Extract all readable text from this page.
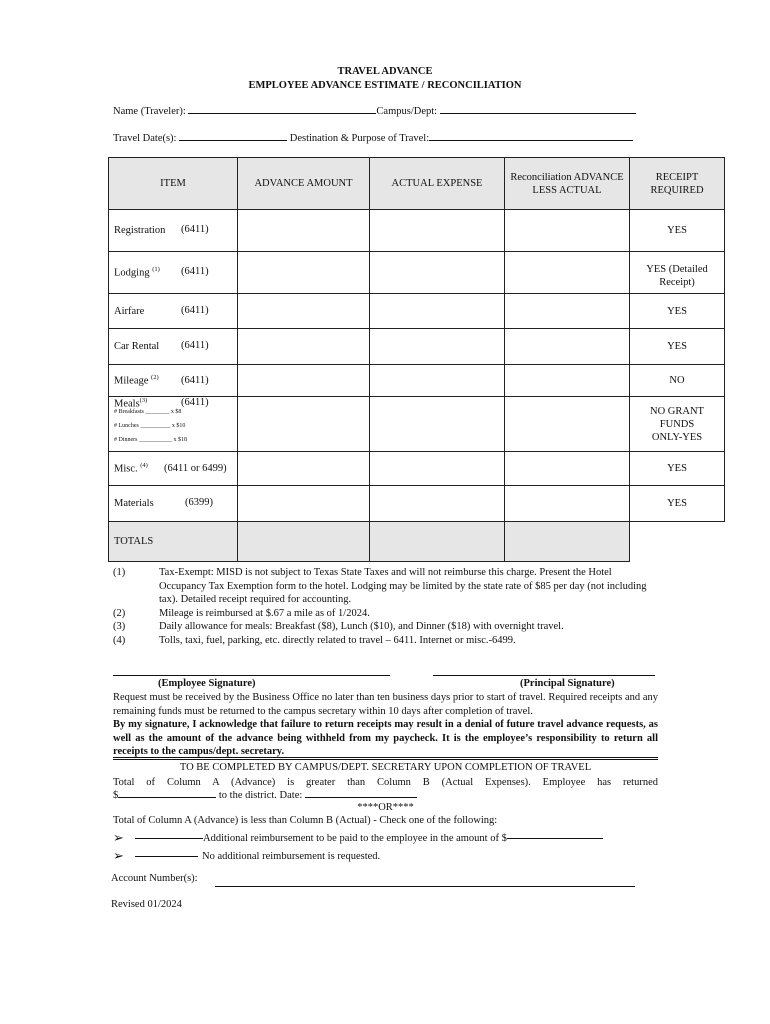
TRAVEL ADVANCE
EMPLOYEE ADVANCE ESTIMATE / RECONCILIATION
Name (Traveler):	Campus/Dept:
Travel Date(s):	Destination & Purpose of Travel:
ITEM	ADVANCE AMOUNT	ACTUAL EXPENSE	Reconciliation ADVANCE LESS ACTUAL	RECEIPT REQUIRED
Registration (6411)				YES
Lodging $^{(1)}$ (6411)				YES (Detailed Receipt)
Airfare (6411)				YES
Car Rental (6411)				YES
Mileage $^{(2)}$ (6411)				NO

Meals$^{(3)}$ (6411)
# Breakfasts ________ x $8
# Lunches __________ x $10
# Dinners ___________ x $18				NO GRANT FUNDS ONLY-YES
Misc. $^{(4)}$ (6411 or 6499)				YES
Materials (6399)				YES
TOTALS				
(1)	Tax-Exempt: MISD is not subject to Texas State Taxes and will not reimburse this charge. Present the Hotel Occupancy Tax Exemption form to the hotel. Lodging may be limited by the state rate of $85 per day (not including tax). Detailed receipt required for accounting.
(2)	Mileage is reimbursed at $.67 a mile as of 1/2024.
(3)	Daily allowance for meals: Breakfast ($8), Lunch ($10), and Dinner ($18) with overnight travel.
(4)	Tolls, taxi, fuel, parking, etc. directly related to travel – 6411. Internet or misc.-6499.
(Employee Signature)	(Principal Signature)
Request must be received by the Business Office no later than ten business days prior to start of travel. Required receipts and any remaining funds must be returned to the campus secretary within 10 days after completion of travel.
By my signature, I acknowledge that failure to return receipts may result in a denial of future travel advance requests, as well as the amount of the advance being withheld from my paycheck. It is the employee’s responsibility to return all receipts to the campus/dept. secretary.
TO BE COMPLETED BY CAMPUS/DEPT. SECRETARY UPON COMPLETION OF TRAVEL
Total of Column A (Advance) is greater than Column B (Actual Expenses). Employee has returned
$	to the district. Date:
****OR****
Total of Column A (Advance) is less than Column B (Actual) - Check one of the following:
➢	Additional reimbursement to be paid to the employee in the amount of $
➢	No additional reimbursement is requested.
Account Number(s):
Revised 01/2024
